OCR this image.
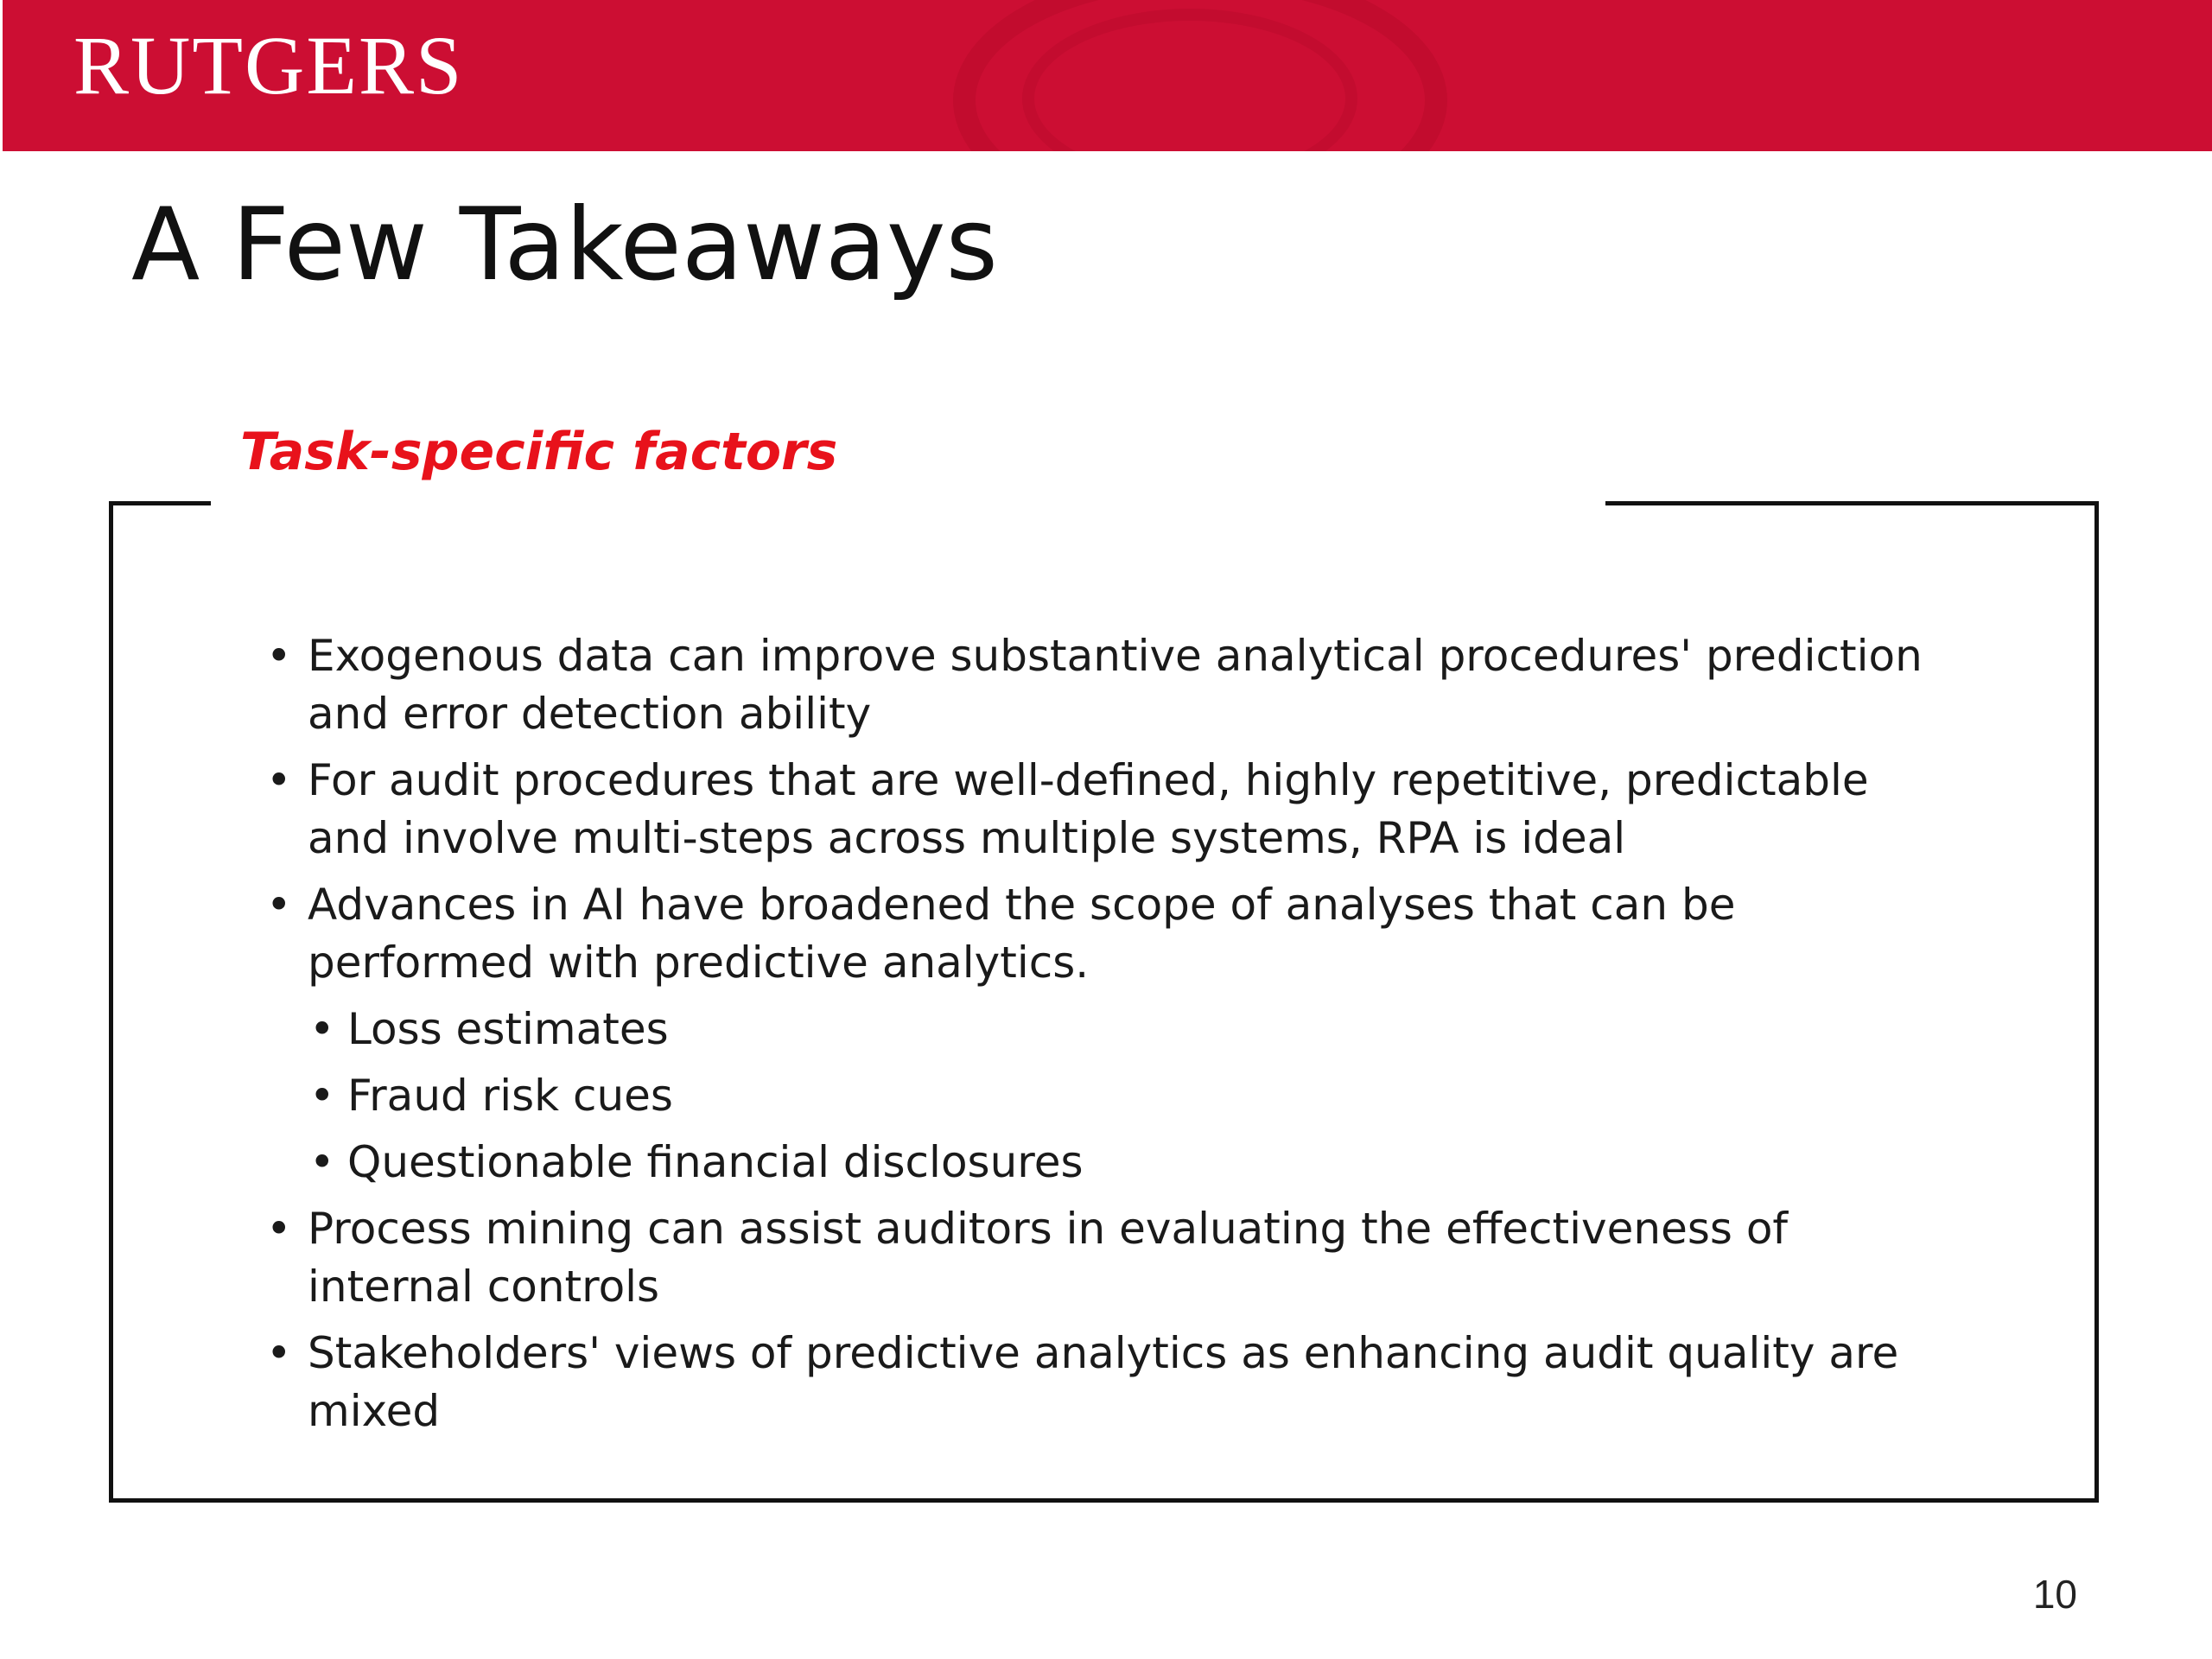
RUTGERS
A Few Takeaways
Task-specific factors
• Exogenous data can improve substantive analytical procedures' prediction and error detection ability
• For audit procedures that are well-defined, highly repetitive, predictable and involve multi-steps across multiple systems, RPA is ideal
• Advances in AI have broadened the scope of analyses that can be performed with predictive analytics.
• Loss estimates
• Fraud risk cues
• Questionable financial disclosures
• Process mining can assist auditors in evaluating the effectiveness of internal controls
• Stakeholders' views of predictive analytics as enhancing audit quality are mixed
10
